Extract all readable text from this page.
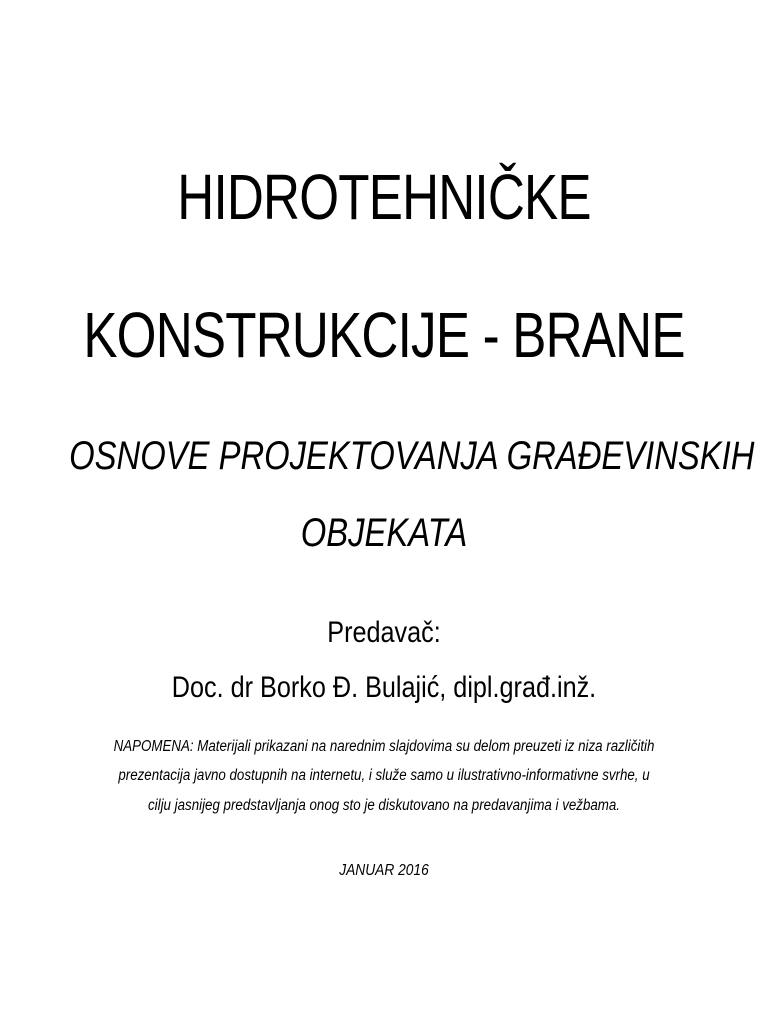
HIDROTEHNIČKE
KONSTRUKCIJE - BRANE
OSNOVE PROJEKTOVANJA GRAĐEVINSKIH
OBJEKATA
Predavač:
Doc. dr Borko Đ. Bulajić, dipl.građ.inž.
NAPOMENA: Materijali prikazani na narednim slajdovima su delom preuzeti iz niza različitih
prezentacija javno dostupnih na internetu, i služe samo u ilustrativno-informativne svrhe, u
cilju jasnijeg predstavljanja onog sto je diskutovano na predavanjima i vežbama.
JANUAR 2016
